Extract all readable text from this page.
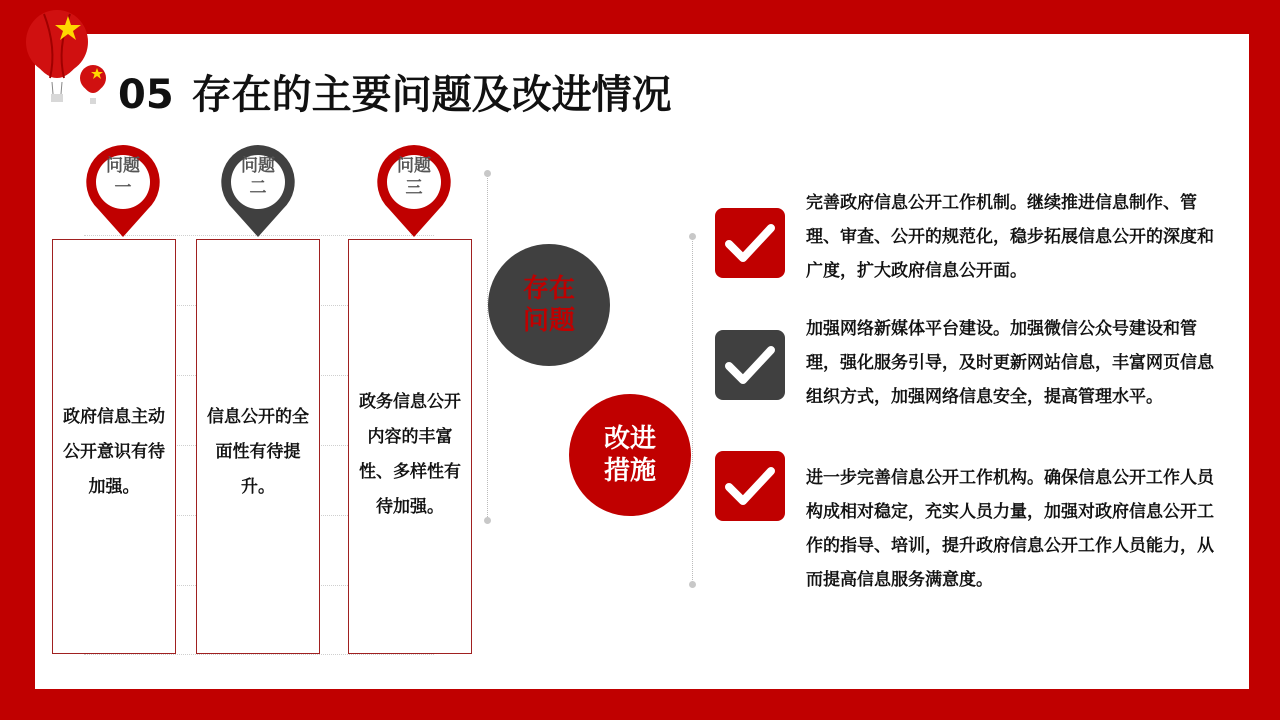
05 存在的主要问题及改进情况
问题
一
问题
二
问题
三
政府信息主动公开意识有待加强。
信息公开的全面性有待提升。
政务信息公开内容的丰富性、多样性有待加强。
存在问题
改进措施
完善政府信息公开工作机制。继续推进信息制作、管理、审查、公开的规范化，稳步拓展信息公开的深度和广度，扩大政府信息公开面。
加强网络新媒体平台建设。加强微信公众号建设和管理，强化服务引导，及时更新网站信息，丰富网页信息组织方式，加强网络信息安全，提高管理水平。
进一步完善信息公开工作机构。确保信息公开工作人员构成相对稳定，充实人员力量，加强对政府信息公开工作的指导、培训，提升政府信息公开工作人员能力，从而提高信息服务满意度。
